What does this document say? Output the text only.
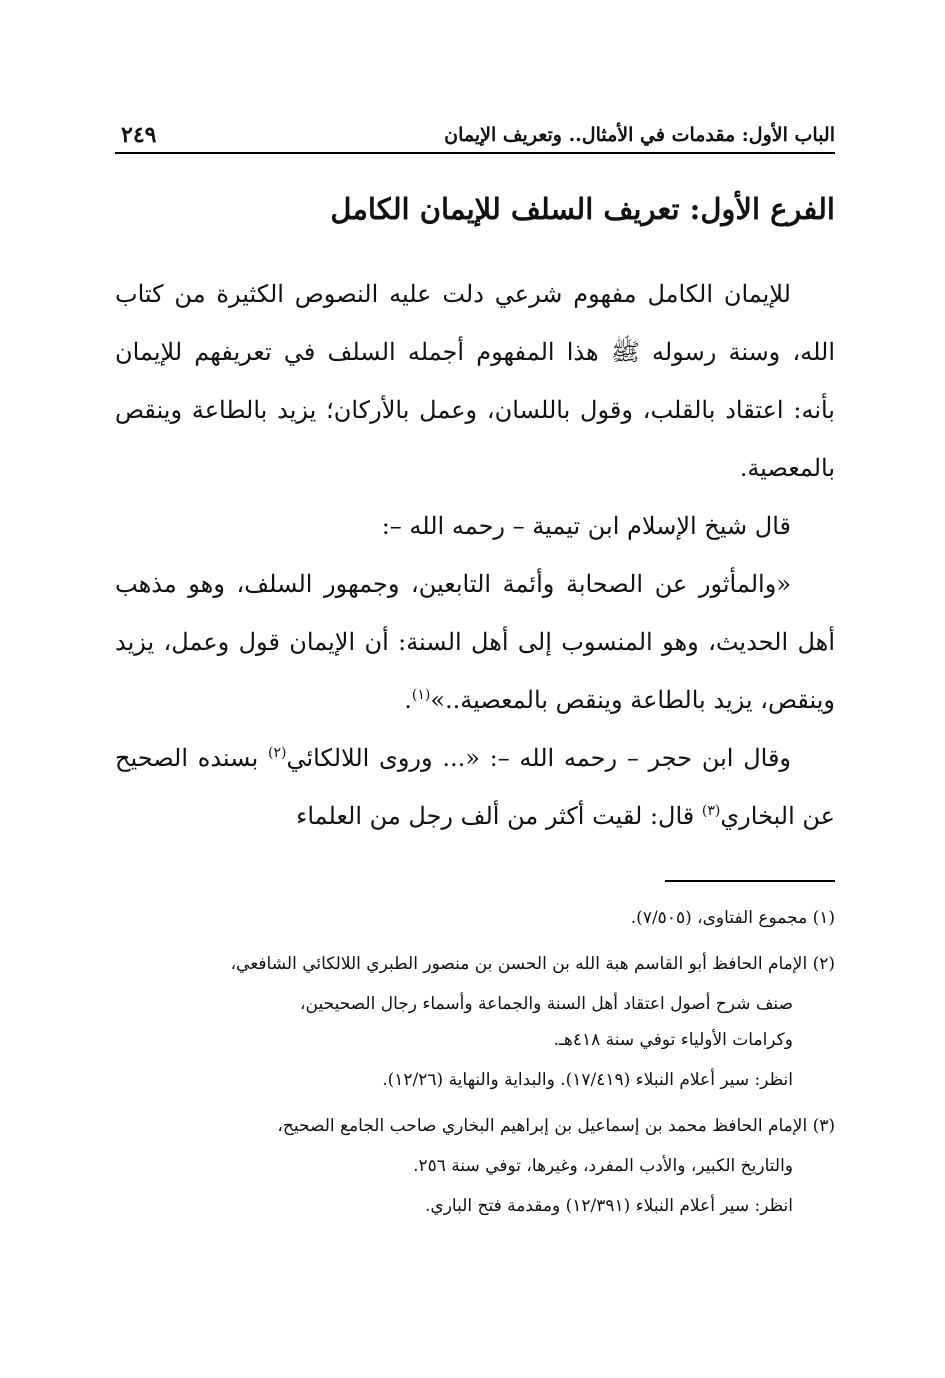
الباب الأول: مقدمات في الأمثال.. وتعريف الإيمان
٢٤٩
الفرع الأول: تعريف السلف للإيمان الكامل

للإيمان الكامل مفهوم شرعي دلت عليه النصوص الكثيرة من كتاب الله، وسنة رسوله ﷺ هذا المفهوم أجمله السلف في تعريفهم للإيمان بأنه: اعتقاد بالقلب، وقول باللسان، وعمل بالأركان؛ يزيد بالطاعة وينقص بالمعصية.

قال شيخ الإسلام ابن تيمية – رحمه الله –:

«والمأثور عن الصحابة وأئمة التابعين، وجمهور السلف، وهو مذهب أهل الحديث، وهو المنسوب إلى أهل السنة: أن الإيمان قول وعمل، يزيد وينقص، يزيد بالطاعة وينقص بالمعصية..»$^{(١)}$.

وقال ابن حجر – رحمه الله –: «... وروى اللالكائي$^{(٢)}$ بسنده الصحيح عن البخاري$^{(٣)}$ قال: لقيت أكثر من ألف رجل من العلماء

(١) مجموع الفتاوى، (٧/٥٠٥).

(٢) الإمام الحافظ أبو القاسم هبة الله بن الحسن بن منصور الطبري اللالكائي الشافعي،

صنف شرح أصول اعتقاد أهل السنة والجماعة وأسماء رجال الصحيحين،

وكرامات الأولياء توفي سنة ٤١٨هـ.

انظر: سير أعلام النبلاء (١٧/٤١٩). والبداية والنهاية (١٢/٢٦).

(٣) الإمام الحافظ محمد بن إسماعيل بن إبراهيم البخاري صاحب الجامع الصحيح،

والتاريخ الكبير، والأدب المفرد، وغيرها، توفي سنة ٢٥٦.

انظر: سير أعلام النبلاء (١٢/٣٩١) ومقدمة فتح الباري.
